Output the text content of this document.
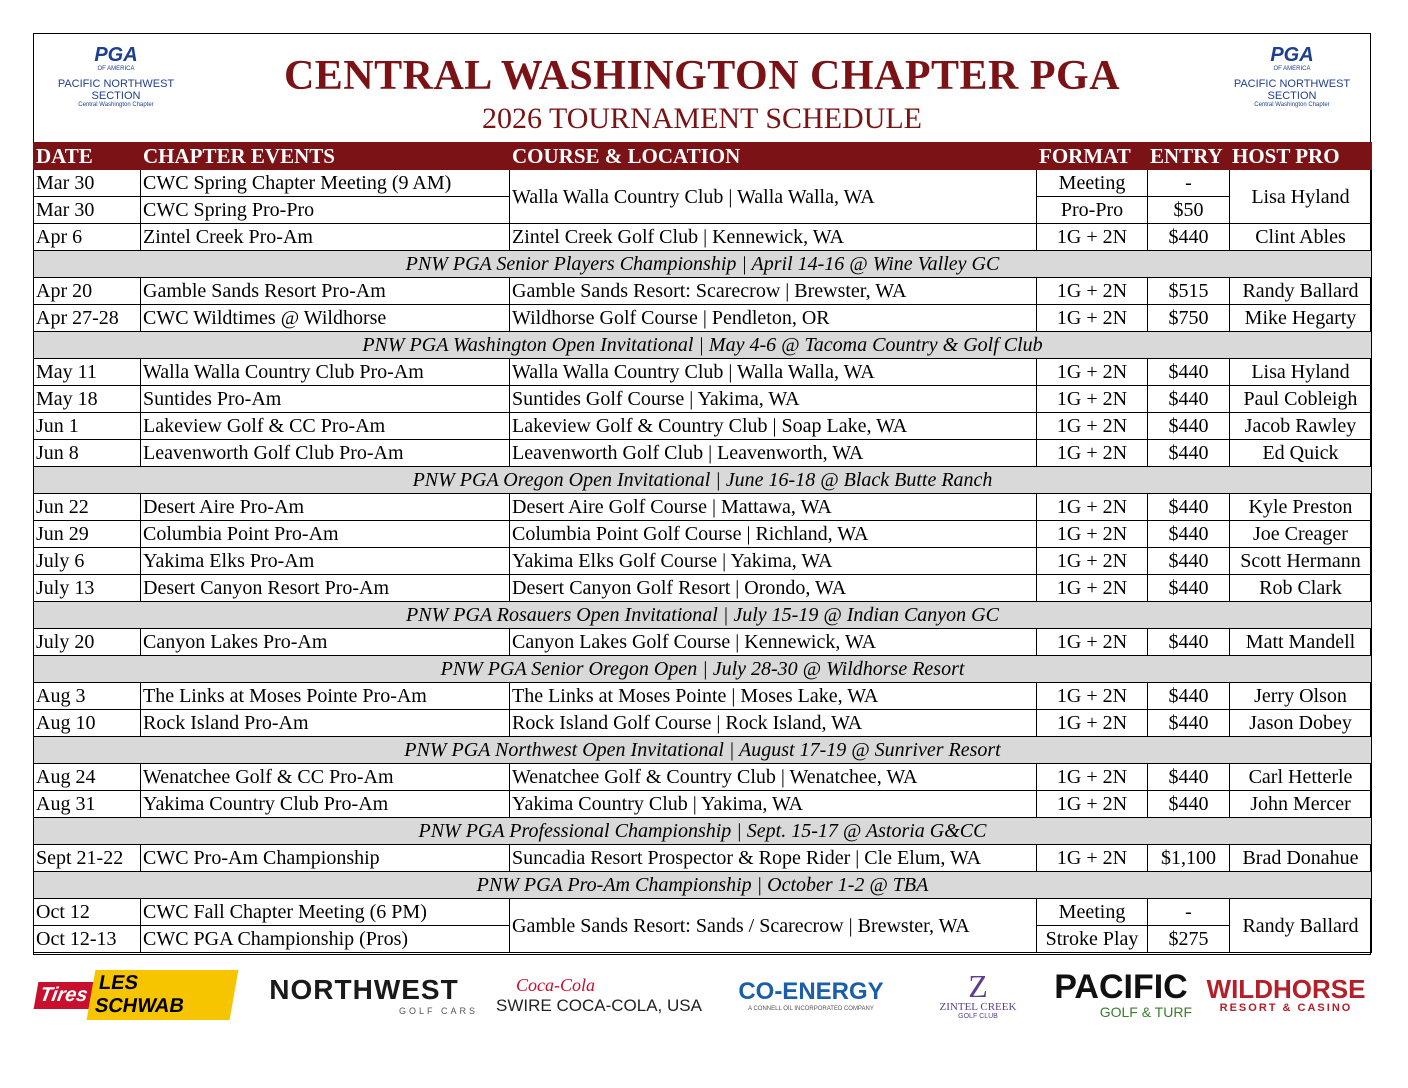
PGA
OF AMERICA
PACIFIC NORTHWEST SECTION
Central Washington Chapter
CENTRAL WASHINGTON CHAPTER PGA
2026 TOURNAMENT SCHEDULE
PGA
OF AMERICA
PACIFIC NORTHWEST SECTION
Central Washington Chapter
DATE	CHAPTER EVENTS	COURSE & LOCATION	FORMAT	ENTRY	HOST PRO
Mar 30	CWC Spring Chapter Meeting (9 AM)	Walla Walla Country Club | Walla Walla, WA	Meeting	-	Lisa Hyland
Mar 30	CWC Spring Pro-Pro		Pro-Pro	$50	
Apr 6	Zintel Creek Pro-Am	Zintel Creek Golf Club | Kennewick, WA	1G + 2N	$440	Clint Ables
PNW PGA Senior Players Championship | April 14-16 @ Wine Valley GC					
Apr 20	Gamble Sands Resort Pro-Am	Gamble Sands Resort: Scarecrow | Brewster, WA	1G + 2N	$515	Randy Ballard
Apr 27-28	CWC Wildtimes @ Wildhorse	Wildhorse Golf Course | Pendleton, OR	1G + 2N	$750	Mike Hegarty
PNW PGA Washington Open Invitational | May 4-6 @ Tacoma Country & Golf Club					
May 11	Walla Walla Country Club Pro-Am	Walla Walla Country Club | Walla Walla, WA	1G + 2N	$440	Lisa Hyland
May 18	Suntides Pro-Am	Suntides Golf Course | Yakima, WA	1G + 2N	$440	Paul Cobleigh
Jun 1	Lakeview Golf & CC Pro-Am	Lakeview Golf & Country Club | Soap Lake, WA	1G + 2N	$440	Jacob Rawley
Jun 8	Leavenworth Golf Club Pro-Am	Leavenworth Golf Club | Leavenworth, WA	1G + 2N	$440	Ed Quick
PNW PGA Oregon Open Invitational | June 16-18 @ Black Butte Ranch					
Jun 22	Desert Aire Pro-Am	Desert Aire Golf Course | Mattawa, WA	1G + 2N	$440	Kyle Preston
Jun 29	Columbia Point Pro-Am	Columbia Point Golf Course | Richland, WA	1G + 2N	$440	Joe Creager
July 6	Yakima Elks Pro-Am	Yakima Elks Golf Course | Yakima, WA	1G + 2N	$440	Scott Hermann
July 13	Desert Canyon Resort Pro-Am	Desert Canyon Golf Resort | Orondo, WA	1G + 2N	$440	Rob Clark
PNW PGA Rosauers Open Invitational | July 15-19 @ Indian Canyon GC					
July 20	Canyon Lakes Pro-Am	Canyon Lakes Golf Course | Kennewick, WA	1G + 2N	$440	Matt Mandell
PNW PGA Senior Oregon Open | July 28-30 @ Wildhorse Resort					
Aug 3	The Links at Moses Pointe Pro-Am	The Links at Moses Pointe | Moses Lake, WA	1G + 2N	$440	Jerry Olson
Aug 10	Rock Island Pro-Am	Rock Island Golf Course | Rock Island, WA	1G + 2N	$440	Jason Dobey
PNW PGA Northwest Open Invitational | August 17-19 @ Sunriver Resort					
Aug 24	Wenatchee Golf & CC Pro-Am	Wenatchee Golf & Country Club | Wenatchee, WA	1G + 2N	$440	Carl Hetterle
Aug 31	Yakima Country Club Pro-Am	Yakima Country Club | Yakima, WA	1G + 2N	$440	John Mercer
PNW PGA Professional Championship | Sept. 15-17 @ Astoria G&CC					
Sept 21-22	CWC Pro-Am Championship	Suncadia Resort Prospector & Rope Rider | Cle Elum, WA	1G + 2N	$1,100	Brad Donahue
PNW PGA Pro-Am Championship | October 1-2 @ TBA					
Oct 12	CWC Fall Chapter Meeting (6 PM)	Gamble Sands Resort: Sands / Scarecrow | Brewster, WA	Meeting	-	Randy Ballard
Oct 12-13	CWC PGA Championship (Pros)		Stroke Play	$275	
Tires
LES SCHWAB
NORTHWEST
GOLF CARS
Coca-Cola
SWIRE COCA-COLA, USA CO-ENERGY
A CONNELL OIL INCORPORATED COMPANY
Z
ZINTEL CREEK
GOLF CLUB
PACIFIC
GOLF & TURF
WILDHORSE
RESORT & CASINO
